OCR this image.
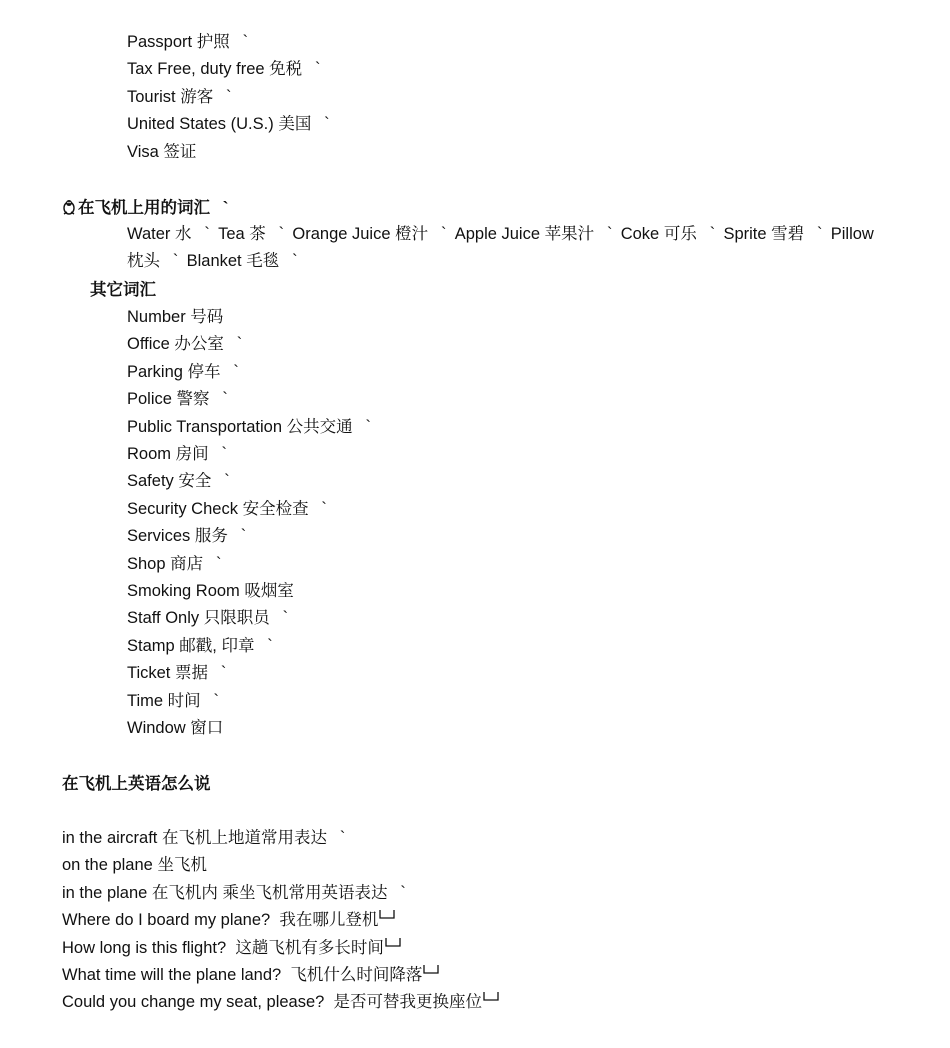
Passport 护照 `
Tax Free, duty free 免税 `
Tourist 游客 `
United States (U.S.) 美国 `
Visa 签证
在飞机上用的词汇 `
Water 水 ` Tea 茶 ` Orange Juice 橙汁 ` Apple Juice 苹果汁 ` Coke 可乐 ` Sprite 雪碧 ` Pillow
枕头 ` Blanket 毛毯 `
其它词汇
Number 号码
Office 办公室 `
Parking 停车 `
Police 警察 `
Public Transportation 公共交通 `
Room 房间 `
Safety 安全 `
Security Check 安全检查 `
Services 服务 `
Shop 商店 `
Smoking Room 吸烟室
Staff Only 只限职员 `
Stamp 邮戳, 印章 `
Ticket 票据 `
Time 时间 `
Window 窗口
在飞机上英语怎么说
in the aircraft 在飞机上地道常用表达 `
on the plane 坐飞机
in the plane 在飞机内 乘坐飞机常用英语表达 `
Where do I board my plane? 我在哪儿登机
How long is this flight? 这趟飞机有多长时间
What time will the plane land? 飞机什么时间降落
Could you change my seat, please? 是否可替我更换座位
